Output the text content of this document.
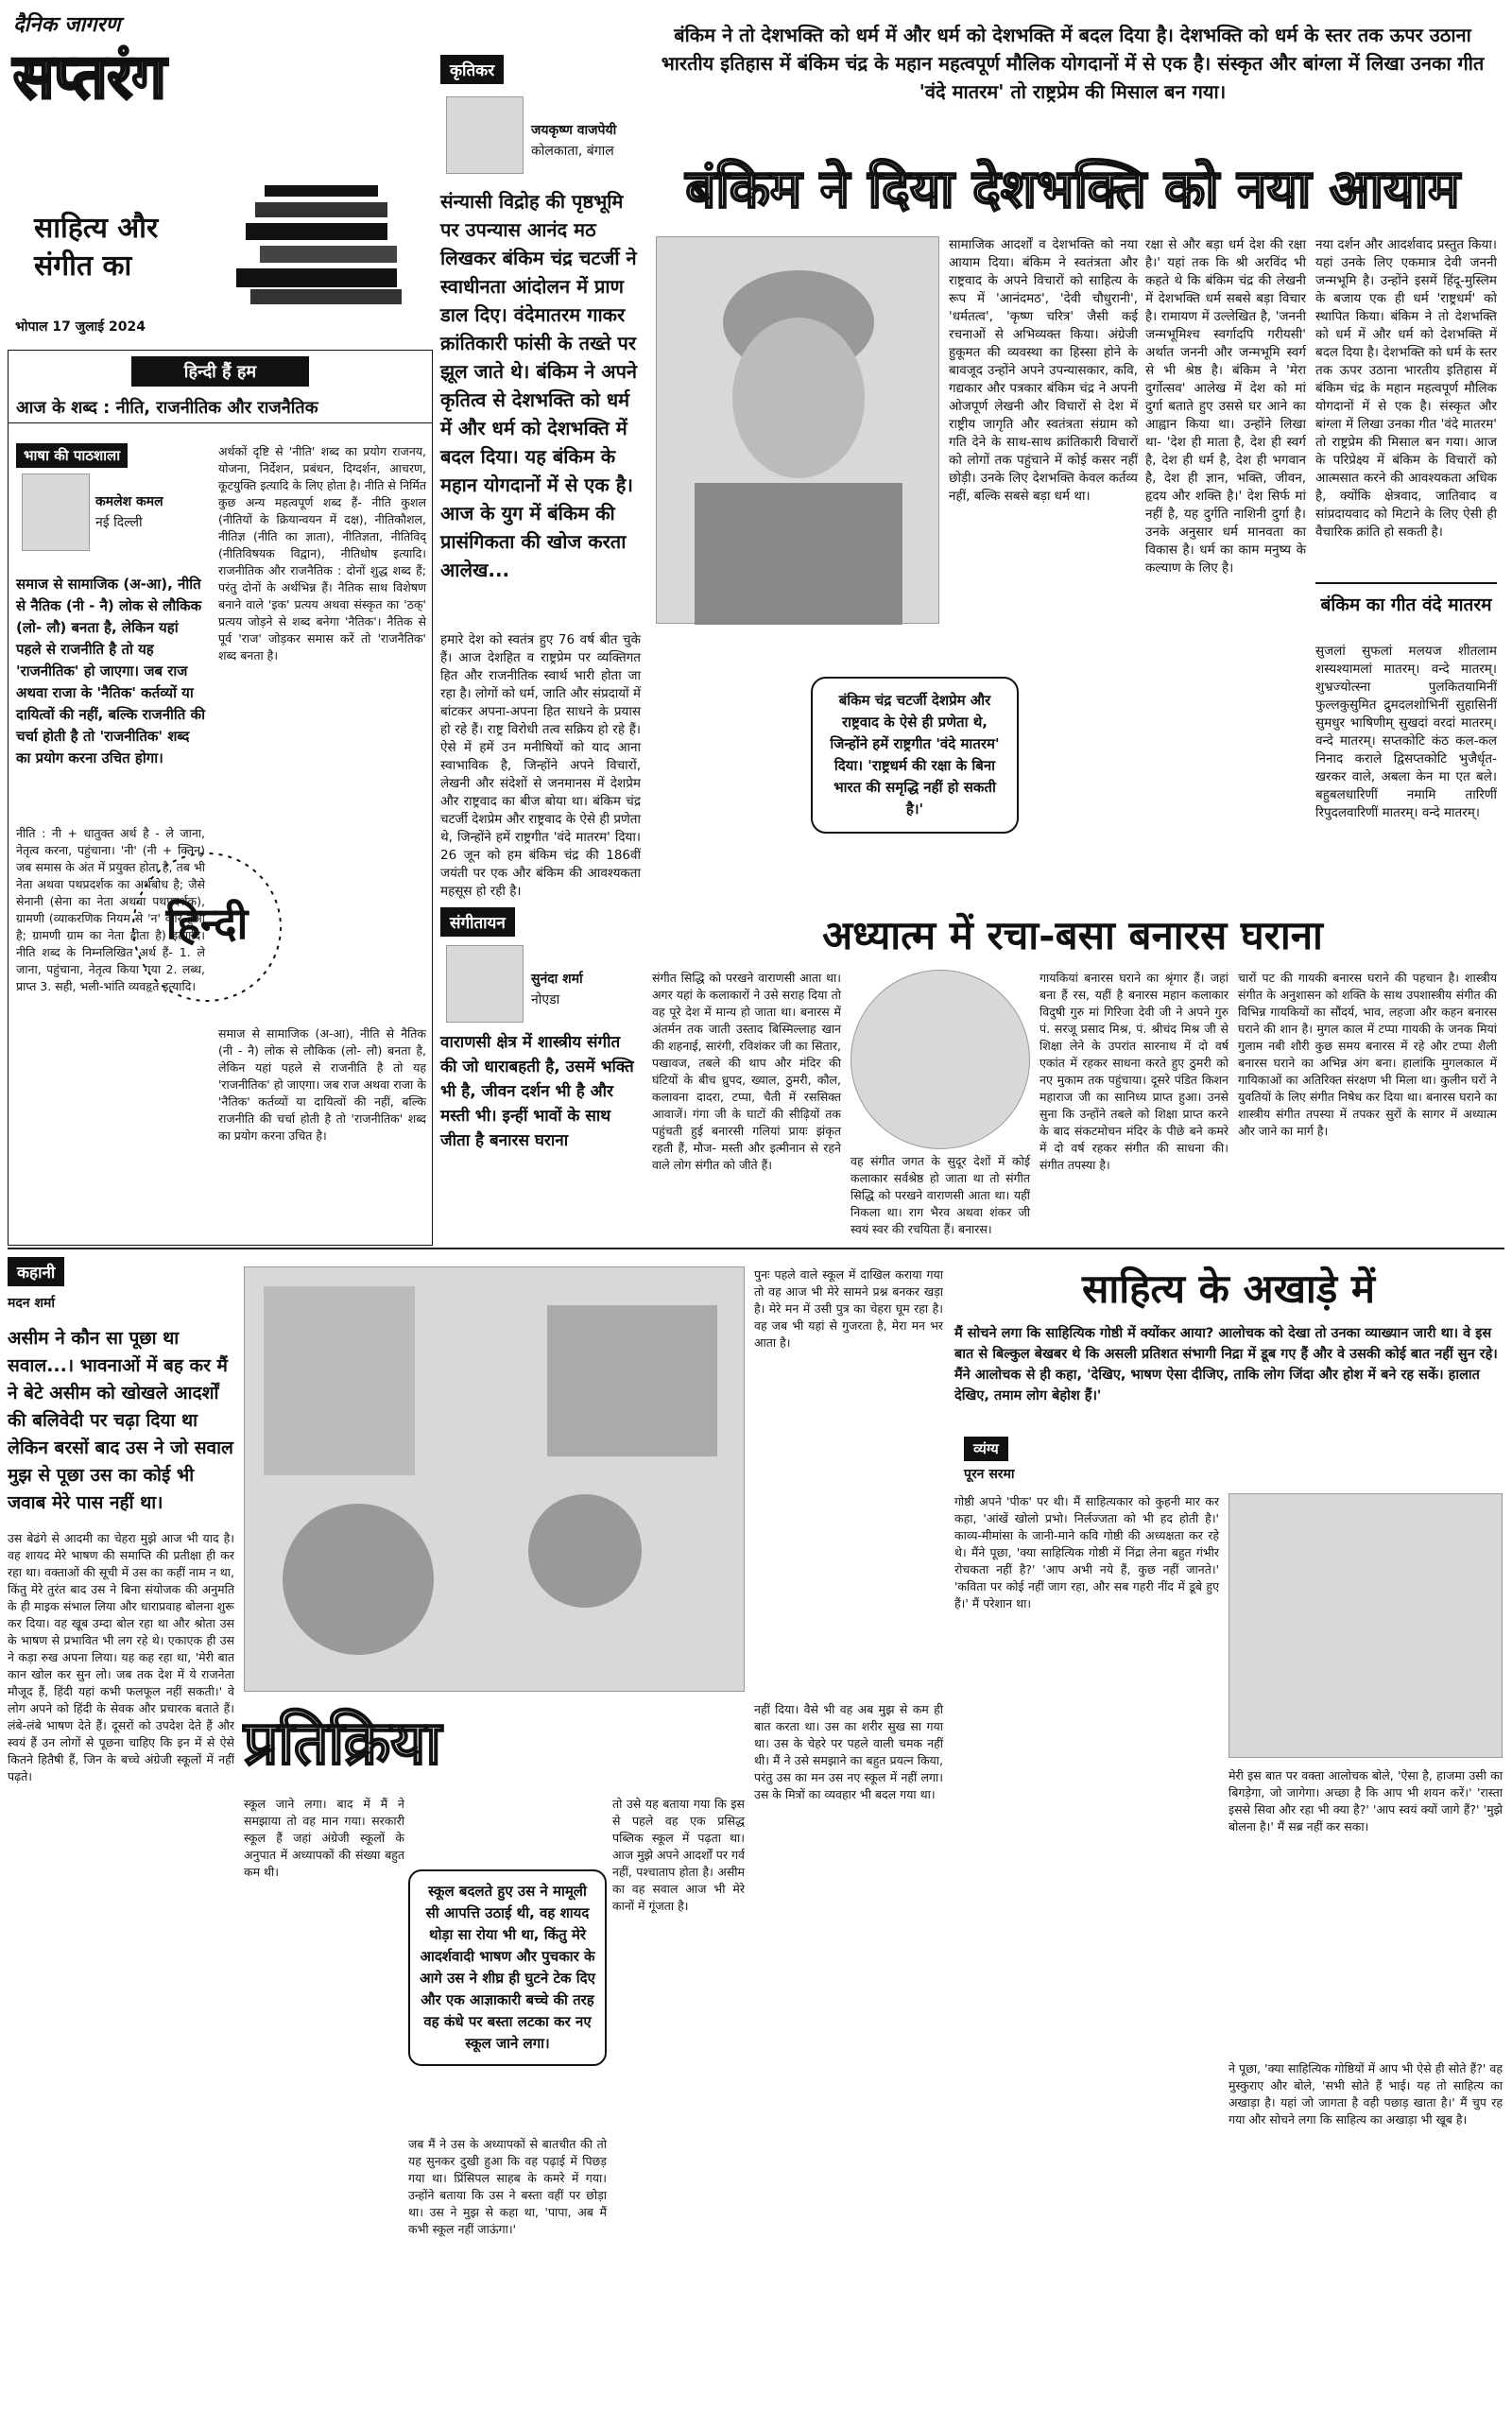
दैनिक जागरण
सप्तरंग
साहित्य और संगीत का
भोपाल 17 जुलाई 2024
कृतिकर
जयकृष्ण वाजपेयी
कोलकाता, बंगाल
संन्यासी विद्रोह की पृष्ठभूमि पर उपन्यास आनंद मठ लिखकर बंकिम चंद्र चटर्जी ने स्वाधीनता आंदोलन में प्राण डाल दिए। वंदेमातरम गाकर क्रांतिकारी फांसी के तख्ते पर झूल जाते थे। बंकिम ने अपने कृतित्व से देशभक्ति को धर्म में और धर्म को देशभक्ति में बदल दिया। यह बंकिम के महान योगदानों में से एक है। आज के युग में बंकिम की प्रासंगिकता की खोज करता आलेख...
हमारे देश को स्वतंत्र हुए 76 वर्ष बीत चुके हैं। आज देशहित व राष्ट्रप्रेम पर व्यक्तिगत हित और राजनीतिक स्वार्थ भारी होता जा रहा है। लोगों को धर्म, जाति और संप्रदायों में बांटकर अपना-अपना हित साधने के प्रयास हो रहे हैं। राष्ट्र विरोधी तत्व सक्रिय हो रहे हैं। ऐसे में हमें उन मनीषियों को याद आना स्वाभाविक है, जिन्होंने अपने विचारों, लेखनी और संदेशों से जनमानस में देशप्रेम और राष्ट्रवाद का बीज बोया था। बंकिम चंद्र चटर्जी देशप्रेम और राष्ट्रवाद के ऐसे ही प्रणेता थे, जिन्होंने हमें राष्ट्रगीत 'वंदे मातरम' दिया। 26 जून को हम बंकिम चंद्र की 186वीं जयंती पर एक और बंकिम की आवश्यकता महसूस हो रही है।
बंकिम ने तो देशभक्ति को धर्म में और धर्म को देशभक्ति में बदल दिया है। देशभक्ति को धर्म के स्तर तक ऊपर उठाना भारतीय इतिहास में बंकिम चंद्र के महान महत्वपूर्ण मौलिक योगदानों में से एक है। संस्कृत और बांग्ला में लिखा उनका गीत 'वंदे मातरम' तो राष्ट्रप्रेम की मिसाल बन गया।
बंकिम ने दिया देशभक्ति को नया आयाम
सामाजिक आदर्शों व देशभक्ति को नया आयाम दिया। बंकिम ने स्वतंत्रता और राष्ट्रवाद के अपने विचारों को साहित्य के रूप में 'आनंदमठ', 'देवी चौधुरानी', 'धर्मतत्व', 'कृष्ण चरित्र' जैसी कई रचनाओं से अभिव्यक्त किया। अंग्रेजी हुकूमत की व्यवस्था का हिस्सा होने के बावजूद उन्होंने अपने उपन्यासकार, कवि, गद्यकार और पत्रकार बंकिम चंद्र ने अपनी ओजपूर्ण लेखनी और विचारों से देश में राष्ट्रीय जागृति और स्वतंत्रता संग्राम को गति देने के साथ-साथ क्रांतिकारी विचारों को लोगों तक पहुंचाने में कोई कसर नहीं छोड़ी। उनके लिए देशभक्ति केवल कर्तव्य नहीं, बल्कि सबसे बड़ा धर्म था।
बंकिम चंद्र चटर्जी देशप्रेम और राष्ट्रवाद के ऐसे ही प्रणेता थे, जिन्होंने हमें राष्ट्रगीत 'वंदे मातरम' दिया। 'राष्ट्रधर्म की रक्षा के बिना भारत की समृद्धि नहीं हो सकती है।'
रक्षा से और बड़ा धर्म देश की रक्षा है।' यहां तक कि श्री अरविंद भी कहते थे कि बंकिम चंद्र की लेखनी में देशभक्ति धर्म सबसे बड़ा विचार है। रामायण में उल्लेखित है, 'जननी जन्मभूमिश्च स्वर्गादपि गरीयसी' अर्थात जननी और जन्मभूमि स्वर्ग से भी श्रेष्ठ है। बंकिम ने 'मेरा दुर्गोत्सव' आलेख में देश को मां दुर्गा बताते हुए उससे घर आने का आह्वान किया था। उन्होंने लिखा था- 'देश ही माता है, देश ही स्वर्ग है, देश ही धर्म है, देश ही भगवान है, देश ही ज्ञान, भक्ति, जीवन, हृदय और शक्ति है।' देश सिर्फ मां नहीं है, यह दुर्गति नाशिनी दुर्गा है। उनके अनुसार धर्म मानवता का विकास है। धर्म का काम मनुष्य के कल्याण के लिए है।
नया दर्शन और आदर्शवाद प्रस्तुत किया। यहां उनके लिए एकमात्र देवी जननी जन्मभूमि है। उन्होंने इसमें हिंदू-मुस्लिम के बजाय एक ही धर्म 'राष्ट्रधर्म' को स्थापित किया। बंकिम ने तो देशभक्ति को धर्म में और धर्म को देशभक्ति में बदल दिया है। देशभक्ति को धर्म के स्तर तक ऊपर उठाना भारतीय इतिहास में बंकिम चंद्र के महान महत्वपूर्ण मौलिक योगदानों में से एक है। संस्कृत और बांग्ला में लिखा उनका गीत 'वंदे मातरम' तो राष्ट्रप्रेम की मिसाल बन गया। आज के परिप्रेक्ष्य में बंकिम के विचारों को आत्मसात करने की आवश्यकता अधिक है, क्योंकि क्षेत्रवाद, जातिवाद व सांप्रदायवाद को मिटाने के लिए ऐसी ही वैचारिक क्रांति हो सकती है।
बंकिम का गीत वंदे मातरम
सुजलां सुफलां मलयज शीतलाम शस्यश्यामलां मातरम्। वन्दे मातरम्। शुभ्रज्योत्स्ना पुलकितयामिनीं फुल्लकुसुमित द्रुमदलशोभिनीं सुहासिनीं सुमधुर भाषिणीम् सुखदां वरदां मातरम्। वन्दे मातरम्। सप्तकोटि कंठ कल-कल निनाद कराले द्विसप्तकोटि भुजैर्धृत-खरकर वाले, अबला केन मा एत बले। बहुबलधारिणीं नमामि तारिणीं रिपुदलवारिणीं मातरम्। वन्दे मातरम्।
हिन्दी हैं हम
आज के शब्द : नीति, राजनीतिक और राजनैतिक
भाषा की पाठशाला
कमलेश कमल
नई दिल्ली
समाज से सामाजिक (अ-आ), नीति से नैतिक (नी - नै) लोक से लौकिक (लो- लौ) बनता है, लेकिन यहां पहले से राजनीति है तो यह 'राजनीतिक' हो जाएगा। जब राज अथवा राजा के 'नैतिक' कर्तव्यों या दायित्वों की नहीं, बल्कि राजनीति की चर्चा होती है तो 'राजनीतिक' शब्द का प्रयोग करना उचित होगा।
नीति : नी + धातुक्त अर्थ है - ले जाना, नेतृत्व करना, पहुंचाना। 'नी' (नी + क्तिन्) जब समास के अंत में प्रयुक्त होता है, तब भी नेता अथवा पथप्रदर्शक का अर्थबोध है; जैसे सेनानी (सेना का नेता अथवा पथप्रदर्शक), ग्रामणी (व्याकरणिक नियम से 'न' कार हुआ है; ग्रामणी ग्राम का नेता होता है) इत्यादि। नीति शब्द के निम्नलिखित अर्थ हैं- 1. ले जाना, पहुंचाना, नेतृत्व किया गया 2. लब्ध, प्राप्त 3. सही, भली-भांति व्यवहृत इत्यादि।
अर्थकों दृष्टि से 'नीति' शब्द का प्रयोग राजनय, योजना, निर्देशन, प्रबंधन, दिग्दर्शन, आचरण, कूटयुक्ति इत्यादि के लिए होता है। नीति से निर्मित कुछ अन्य महत्वपूर्ण शब्द हैं- नीति कुशल (नीतियों के क्रियान्वयन में दक्ष), नीतिकौशल, नीतिज्ञ (नीति का ज्ञाता), नीतिज्ञता, नीतिविद् (नीतिविषयक विद्वान), नीतिधोष इत्यादि। राजनीतिक और राजनैतिक : दोनों शुद्ध शब्द हैं; परंतु दोनों के अर्थभिन्न हैं। नैतिक साथ विशेषण बनाने वाले 'इक' प्रत्यय अथवा संस्कृत का 'ठक्' प्रत्यय जोड़ने से शब्द बनेगा 'नैतिक'। नैतिक से पूर्व 'राज' जोड़कर समास करें तो 'राजनैतिक' शब्द बनता है।
हिन्दी
समाज से सामाजिक (अ-आ), नीति से नैतिक (नी - नै) लोक से लौकिक (लो- लौ) बनता है, लेकिन यहां पहले से राजनीति है तो यह 'राजनीतिक' हो जाएगा। जब राज अथवा राजा के 'नैतिक' कर्तव्यों या दायित्वों की नहीं, बल्कि राजनीति की चर्चा होती है तो 'राजनीतिक' शब्द का प्रयोग करना उचित है।
संगीतायन
सुनंदा शर्मा
नोएडा
वाराणसी क्षेत्र में शास्त्रीय संगीत की जो धाराबहती है, उसमें भक्ति भी है, जीवन दर्शन भी है और मस्ती भी। इन्हीं भावों के साथ जीता है बनारस घराना
अध्यात्म में रचा-बसा बनारस घराना
संगीत सिद्धि को परखने वाराणसी आता था। अगर यहां के कलाकारों ने उसे सराह दिया तो वह पूरे देश में मान्य हो जाता था। बनारस में अंतर्मन तक जाती उस्ताद बिस्मिल्लाह खान की शहनाई, सारंगी, रविशंकर जी का सितार, पखावज, तबले की थाप और मंदिर की घंटियों के बीच ध्रुपद, ख्याल, ठुमरी, कौल, कलावना दादरा, टप्पा, चैती में रससिक्त आवाजें। गंगा जी के घाटों की सीढ़ियों तक पहुंचती हुई बनारसी गलियां प्रायः झंकृत रहती हैं, मौज- मस्ती और इत्मीनान से रहने वाले लोग संगीत को जीते हैं।	वह संगीत जगत के सुदूर देशों में कोई कलाकार सर्वश्रेष्ठ हो जाता था तो संगीत सिद्धि को परखने वाराणसी आता था। यहीं निकला था। राग भैरव अथवा शंकर जी स्वयं स्वर की रचयिता हैं। बनारस।
गायकियां बनारस घराने का श्रृंगार हैं। जहां बना हैं रस, यहीं है बनारस महान कलाकार विदुषी गुरु मां गिरिजा देवी जी ने अपने गुरु पं. सरजू प्रसाद मिश्र, पं. श्रीचंद मिश्र जी से शिक्षा लेने के उपरांत सारनाथ में दो वर्ष एकांत में रहकर साधना करते हुए ठुमरी को नए मुकाम तक पहुंचाया। दूसरे पंडित किशन महाराज जी का सानिध्य प्राप्त हुआ। उनसे सुना कि उन्होंने तबले को शिक्षा प्राप्त करने के बाद संकटमोचन मंदिर के पीछे बने कमरे में दो वर्ष रहकर संगीत की साधना की। संगीत तपस्या है।
चारों पट की गायकी बनारस घराने की पहचान है। शास्त्रीय संगीत के अनुशासन को शक्ति के साथ उपशास्त्रीय संगीत की विभिन्न गायकियों का सौंदर्य, भाव, लहजा और कहन बनारस घराने की शान है। मुगल काल में टप्पा गायकी के जनक मियां गुलाम नबी शौरी कुछ समय बनारस में रहे और टप्पा शैली बनारस घराने का अभिन्न अंग बना। हालांकि मुगलकाल में गायिकाओं का अतिरिक्त संरक्षण भी मिला था। कुलीन घरों ने युवतियों के लिए संगीत निषेध कर दिया था। बनारस घराने का शास्त्रीय संगीत तपस्या में तपकर सुरों के सागर में अध्यात्म और जाने का मार्ग है।
कहानी
मदन शर्मा
असीम ने कौन सा पूछा था सवाल...। भावनाओं में बह कर मैं ने बेटे असीम को खोखले आदर्शों की बलिवेदी पर चढ़ा दिया था लेकिन बरसों बाद उस ने जो सवाल मुझ से पूछा उस का कोई भी जवाब मेरे पास नहीं था।
उस बेढंगे से आदमी का चेहरा मुझे आज भी याद है। वह शायद मेरे भाषण की समाप्ति की प्रतीक्षा ही कर रहा था। वक्ताओं की सूची में उस का कहीं नाम न था, किंतु मेरे तुरंत बाद उस ने बिना संयोजक की अनुमति के ही माइक संभाल लिया और धाराप्रवाह बोलना शुरू कर दिया। वह खूब उम्दा बोल रहा था और श्रोता उस के भाषण से प्रभावित भी लग रहे थे। एकाएक ही उस ने कड़ा रुख अपना लिया। यह कह रहा था, 'मेरी बात कान खोल कर सुन लो। जब तक देश में ये राजनेता मौजूद हैं, हिंदी यहां कभी फलफूल नहीं सकती।' वे लोग अपने को हिंदी के सेवक और प्रचारक बताते हैं। लंबे-लंबे भाषण देते हैं। दूसरों को उपदेश देते हैं और स्वयं हैं उन लोगों से पूछना चाहिए कि इन में से ऐसे कितने हितैषी हैं, जिन के बच्चे अंग्रेजी स्कूलों में नहीं पढ़ते।
पुनः पहले वाले स्कूल में दाखिल कराया गया तो वह आज भी मेरे सामने प्रश्न बनकर खड़ा है। मेरे मन में उसी पुत्र का चेहरा घूम रहा है। वह जब भी यहां से गुजरता है, मेरा मन भर आता है।
प्रतिक्रिया	नहीं दिया। वैसे भी वह अब मुझ से कम ही बात करता था। उस का शरीर सुख सा गया था। उस के चेहरे पर पहले वाली चमक नहीं थी। मैं ने उसे समझाने का बहुत प्रयत्न किया, परंतु उस का मन उस नए स्कूल में नहीं लगा। उस के मित्रों का व्यवहार भी बदल गया था।
स्कूल जाने लगा। बाद में मैं ने समझाया तो वह मान गया। सरकारी स्कूल हैं जहां अंग्रेजी स्कूलों के अनुपात में अध्यापकों की संख्या बहुत कम थी।
स्कूल बदलते हुए उस ने मामूली सी आपत्ति उठाई थी, वह शायद थोड़ा सा रोया भी था, किंतु मेरे आदर्शवादी भाषण और पुचकार के आगे उस ने शीघ्र ही घुटने टेक दिए और एक आज्ञाकारी बच्चे की तरह वह कंधे पर बस्ता लटका कर नए स्कूल जाने लगा।
जब मैं ने उस के अध्यापकों से बातचीत की तो यह सुनकर दुखी हुआ कि वह पढ़ाई में पिछड़ गया था। प्रिंसिपल साहब के कमरे में गया। उन्होंने बताया कि उस ने बस्ता वहीं पर छोड़ा था। उस ने मुझ से कहा था, 'पापा, अब मैं कभी स्कूल नहीं जाऊंगा।'
तो उसे यह बताया गया कि इस से पहले वह एक प्रसिद्ध पब्लिक स्कूल में पढ़ता था। आज मुझे अपने आदर्शों पर गर्व नहीं, पश्चाताप होता है। असीम का वह सवाल आज भी मेरे कानों में गूंजता है।
साहित्य के अखाड़े में
मैं सोचने लगा कि साहित्यिक गोष्ठी में क्योंकर आया? आलोचक को देखा तो उनका व्याख्यान जारी था। वे इस बात से बिल्कुल बेखबर थे कि असली प्रतिशत संभागी निद्रा में डूब गए हैं और वे उसकी कोई बात नहीं सुन रहे। मैंने आलोचक से ही कहा, 'देखिए, भाषण ऐसा दीजिए, ताकि लोग जिंदा और होश में बने रह सकें। हालात देखिए, तमाम लोग बेहोश हैं।'
व्यंग्य
पूरन सरमा
गोष्ठी अपने 'पीक' पर थी। मैं साहित्यकार को कुहनी मार कर कहा, 'आंखें खोलो प्रभो। निर्लज्जता को भी हद होती है।' काव्य-मीमांसा के जानी-माने कवि गोष्ठी की अध्यक्षता कर रहे थे। मैंने पूछा, 'क्या साहित्यिक गोष्ठी में निंद्रा लेना बहुत गंभीर रोचकता नहीं है?' 'आप अभी नये हैं, कुछ नहीं जानते।' 'कविता पर कोई नहीं जाग रहा, और सब गहरी नींद में डूबे हुए हैं।' मैं परेशान था।
मेरी इस बात पर वक्ता आलोचक बोले, 'ऐसा है, हाजमा उसी का बिगड़ेगा, जो जागेगा। अच्छा है कि आप भी शयन करें।' 'रास्ता इससे सिवा और रहा भी क्या है?' 'आप स्वयं क्यों जागे हैं?' 'मुझे बोलना है।' मैं सब्र नहीं कर सका।
ने पूछा, 'क्या साहित्यिक गोष्ठियों में आप भी ऐसे ही सोते हैं?' वह मुस्कुराए और बोले, 'सभी सोते हैं भाई। यह तो साहित्य का अखाड़ा है। यहां जो जागता है वही पछाड़ खाता है।' मैं चुप रह गया और सोचने लगा कि साहित्य का अखाड़ा भी खूब है।
